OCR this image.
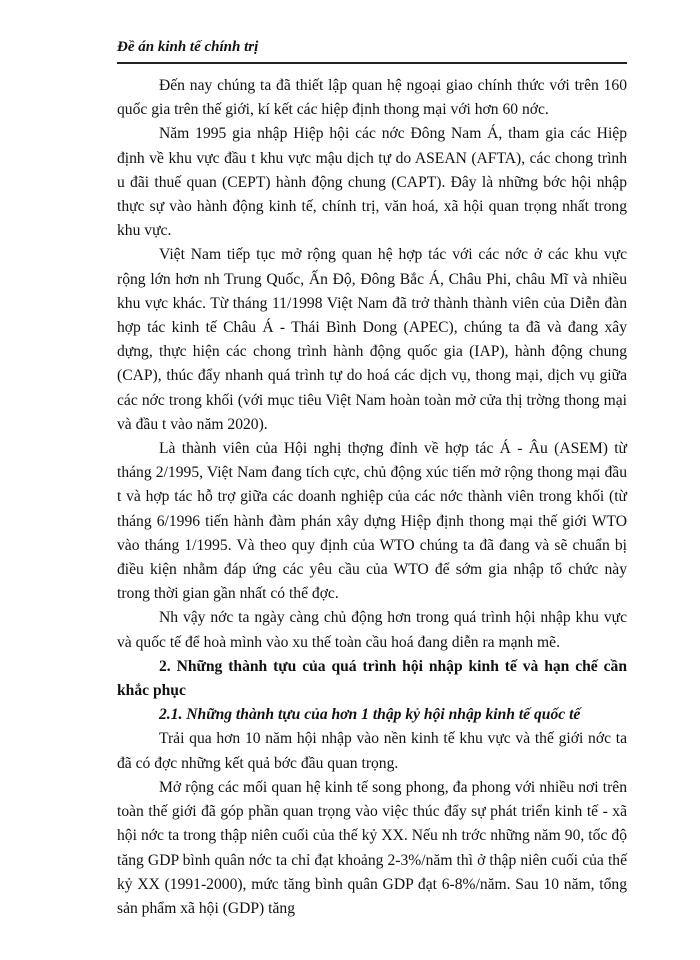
Đề án kinh tế chính trị

Đến nay chúng ta đã thiết lập quan hệ ngoại giao chính thức với trên 160 quốc gia trên thế giới, kí kết các hiệp định thong mại với hơn 60 nớc.

Năm 1995 gia nhập Hiệp hội các nớc Đông Nam Á, tham gia các Hiệp định về khu vực đầu t khu vực mậu dịch tự do ASEAN (AFTA), các chong trình u đãi thuế quan (CEPT) hành động chung (CAPT). Đây là những bớc hội nhập thực sự vào hành động kinh tế, chính trị, văn hoá, xã hội quan trọng nhất trong khu vực.

Việt Nam tiếp tục mở rộng quan hệ hợp tác với các nớc ở các khu vực rộng lớn hơn nh Trung Quốc, Ấn Độ, Đông Bắc Á, Châu Phi, châu Mĩ và nhiều khu vực khác. Từ tháng 11/1998 Việt Nam đã trở thành thành viên của Diễn đàn hợp tác kinh tế Châu Á - Thái Bình Dong (APEC), chúng ta đã và đang xây dựng, thực hiện các chong trình hành động quốc gia (IAP), hành động chung (CAP), thúc đẩy nhanh quá trình tự do hoá các dịch vụ, thong mại, dịch vụ giữa các nớc trong khối (với mục tiêu Việt Nam hoàn toàn mở cửa thị trờng thong mại và đầu t vào năm 2020).

Là thành viên của Hội nghị thợng đỉnh về hợp tác Á - Âu (ASEM) từ tháng 2/1995, Việt Nam đang tích cực, chủ động xúc tiến mở rộng thong mại đầu t và hợp tác hỗ trợ giữa các doanh nghiệp của các nớc thành viên trong khối (từ tháng 6/1996 tiến hành đàm phán xây dựng Hiệp định thong mại thế giới WTO vào tháng 1/1995. Và theo quy định của WTO chúng ta đã đang và sẽ chuẩn bị điều kiện nhằm đáp ứng các yêu cầu của WTO để sớm gia nhập tổ chức này trong thời gian gần nhất có thể đợc.

Nh vậy nớc ta ngày càng chủ động hơn trong quá trình hội nhập khu vực và quốc tế để hoà mình vào xu thế toàn cầu hoá đang diễn ra mạnh mẽ.

2. Những thành tựu của quá trình hội nhập kinh tế và hạn chế cần khắc phục

2.1. Những thành tựu của hơn 1 thập kỷ hội nhập kinh tế quốc tế

Trải qua hơn 10 năm hội nhập vào nền kinh tế khu vực và thế giới nớc ta đã có đợc những kết quả bớc đầu quan trọng.

Mở rộng các mối quan hệ kinh tế song phong, đa phong với nhiều nơi trên toàn thế giới đã góp phần quan trọng vào việc thúc đẩy sự phát triển kinh tế - xã hội nớc ta trong thập niên cuối của thế kỷ XX. Nếu nh trớc những năm 90, tốc độ tăng GDP bình quân nớc ta chỉ đạt khoảng 2-3%/năm thì ở thập niên cuối của thế kỷ XX (1991-2000), mức tăng bình quân GDP đạt 6-8%/năm. Sau 10 năm, tổng sản phẩm xã hội (GDP) tăng
